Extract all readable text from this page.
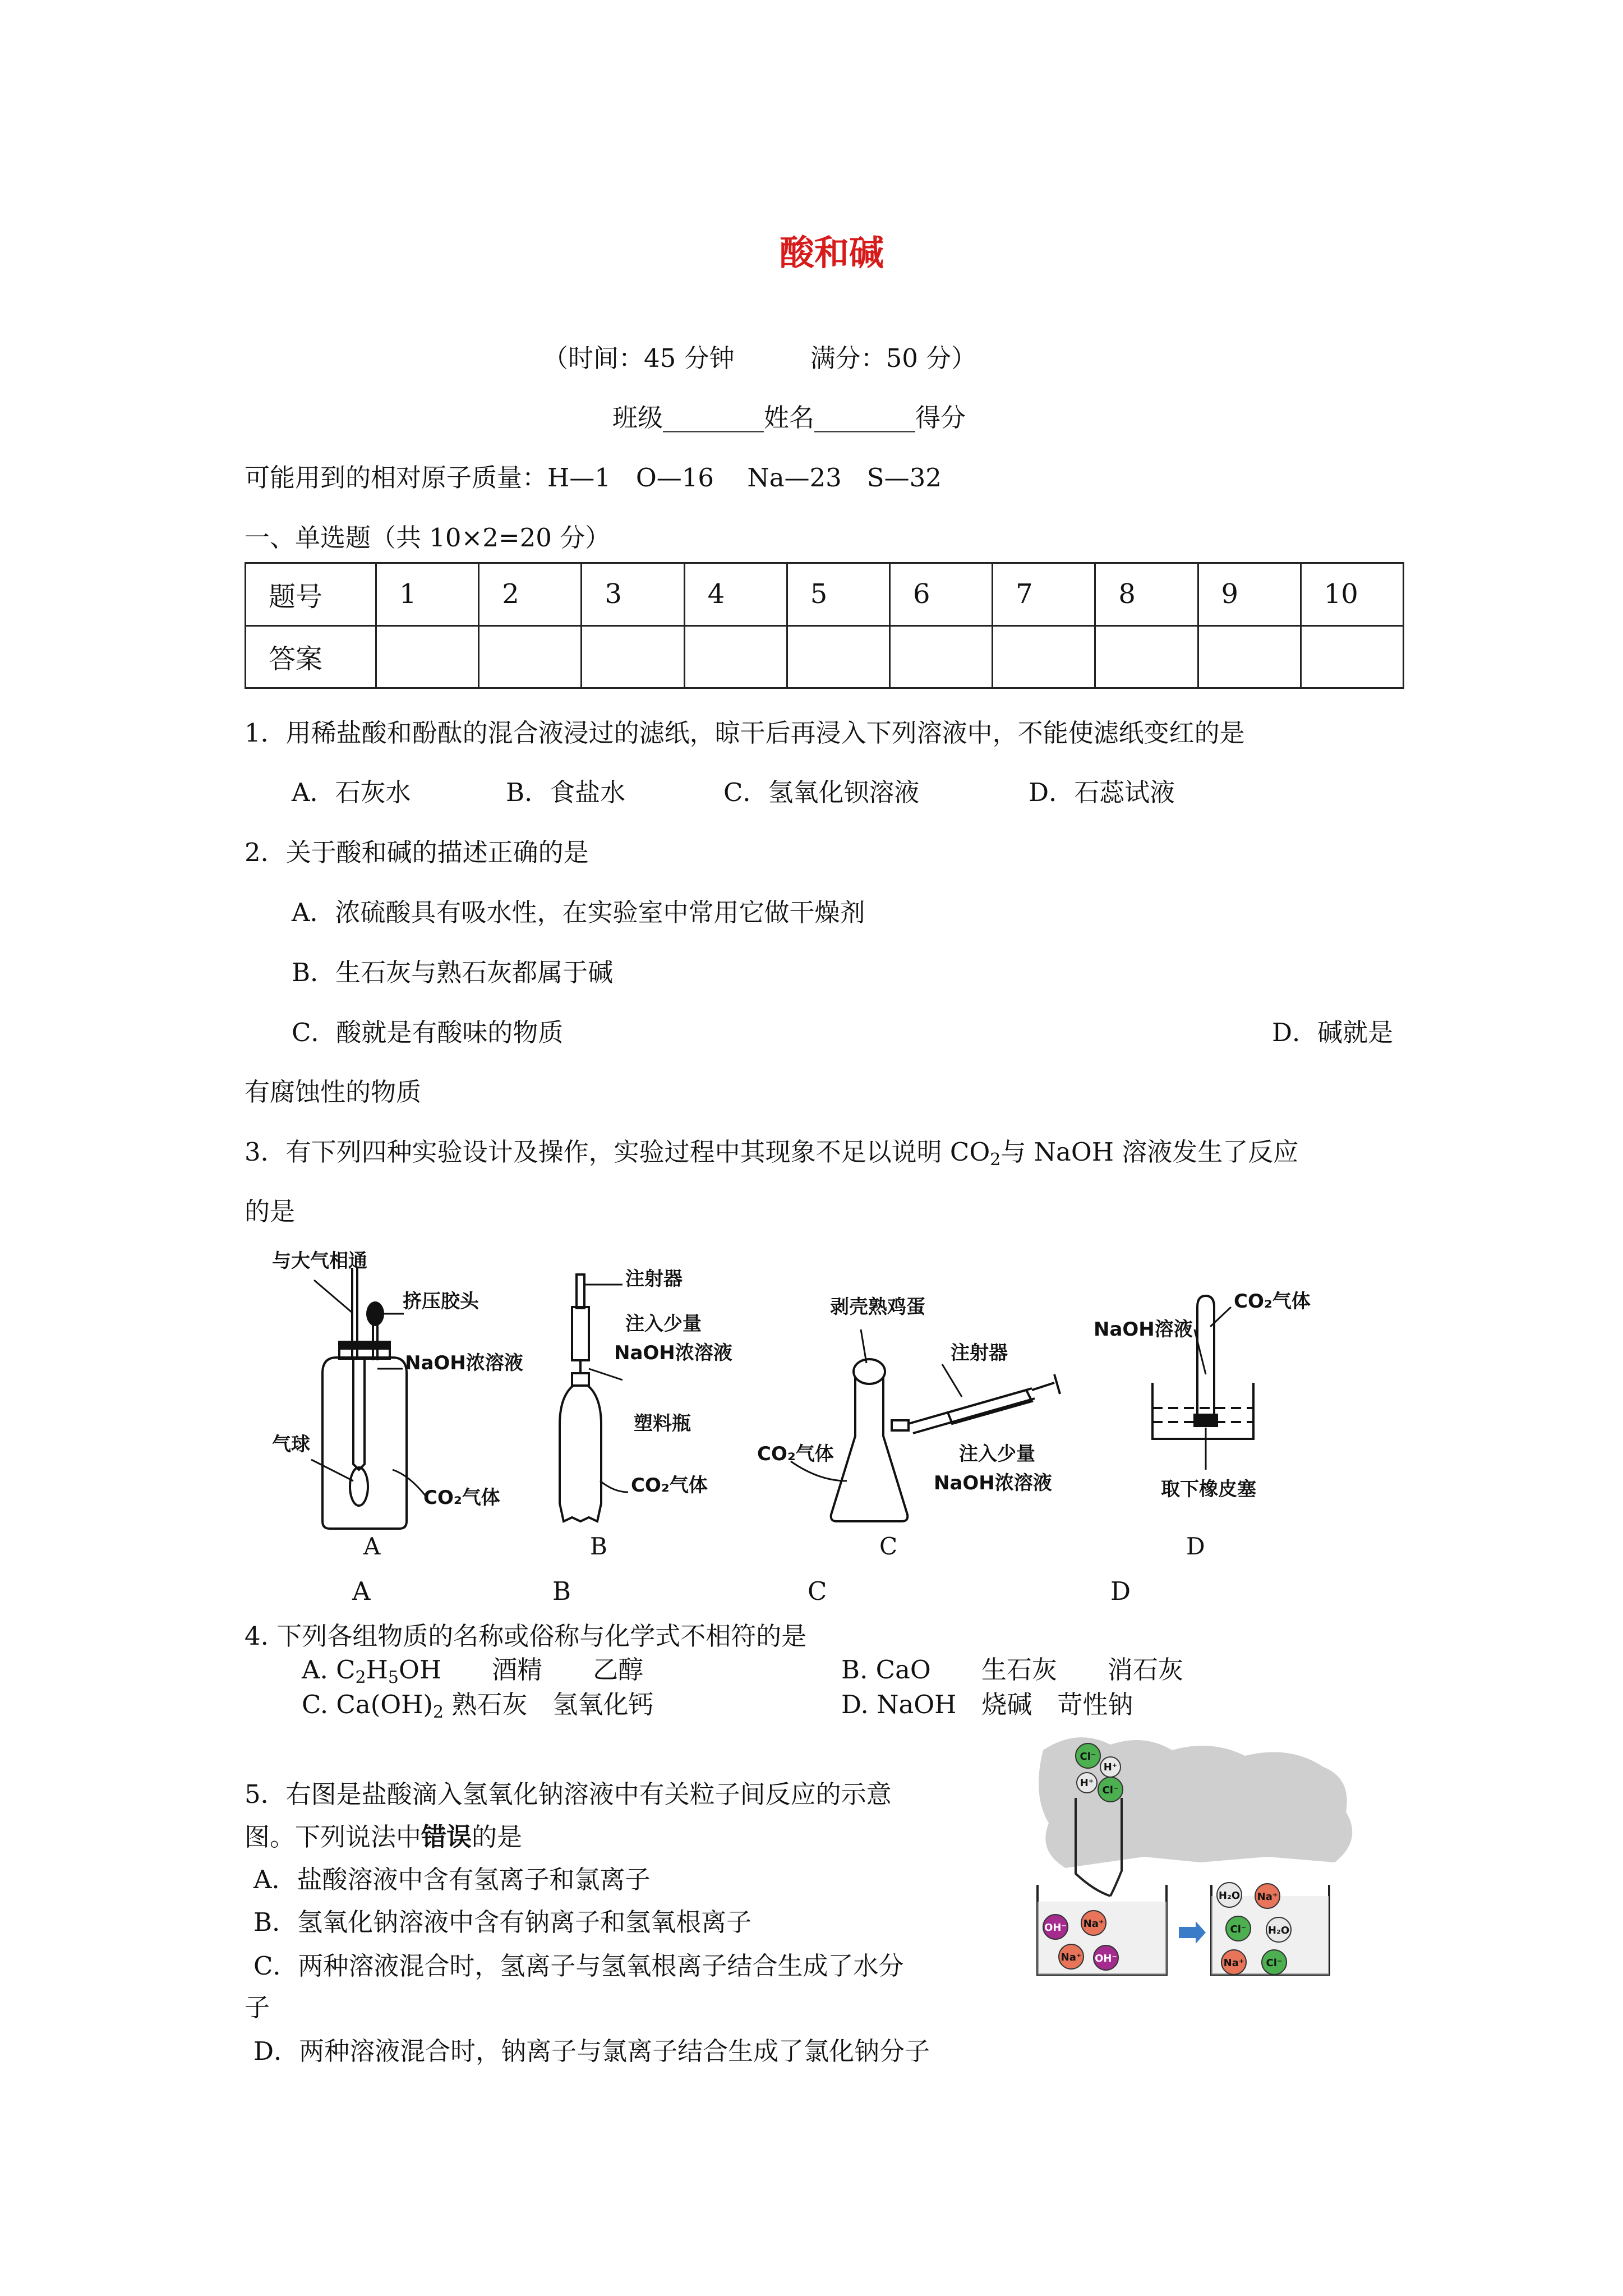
酸和碱
（时间：45 分钟　　　满分：50 分）
班级________姓名________得分
可能用到的相对原子质量：H—1　O—16　 Na—23　S—32
一、单选题（共 10×2=20 分）
题号	1	2	3	4	5	6	7	8	9	10
答案										
1．用稀盐酸和酚酞的混合液浸过的滤纸，晾干后再浸入下列溶液中，不能使滤纸变红的是
A．石灰水	B．食盐水	C．氢氧化钡溶液	D．石蕊试液
2．关于酸和碱的描述正确的是
A．浓硫酸具有吸水性，在实验室中常用它做干燥剂
B．生石灰与熟石灰都属于碱
C．酸就是有酸味的物质	D．碱就是
有腐蚀性的物质
3．有下列四种实验设计及操作，实验过程中其现象不足以说明 $CO_2$与 NaOH 溶液发生了反应
的是
与大气相通
挤压胶头
NaOH浓溶液
气球
CO₂气体
注射器
注入少量
NaOH浓溶液
塑料瓶
CO₂气体
剥壳熟鸡蛋
注射器
CO₂气体	注入少量
NaOH浓溶液
CO₂气体
NaOH溶液
取下橡皮塞
A	B	C	D
A	B	C	D
4. 下列各组物质的名称或俗称与化学式不相符的是
A. $C_2H_5OH$　　酒精　　乙醇	B. CaO　　生石灰　　消石灰
C. $Ca(OH)_2$ 熟石灰　氢氧化钙	D. NaOH　烧碱　苛性钠
5．右图是盐酸滴入氢氧化钠溶液中有关粒子间反应的示意
图。下列说法中错误的是
A．盐酸溶液中含有氢离子和氯离子
B．氢氧化钠溶液中含有钠离子和氢氧根离子
C．两种溶液混合时，氢离子与氢氧根离子结合生成了水分
子
D．两种溶液混合时，钠离子与氯离子结合生成了氯化钠分子
Cl⁻
H⁺
H⁺
Cl⁻
OH⁻ Na⁺
Na⁺ OH⁻
H₂O Na⁺
Cl⁻ H₂O
Na⁺ Cl⁻
